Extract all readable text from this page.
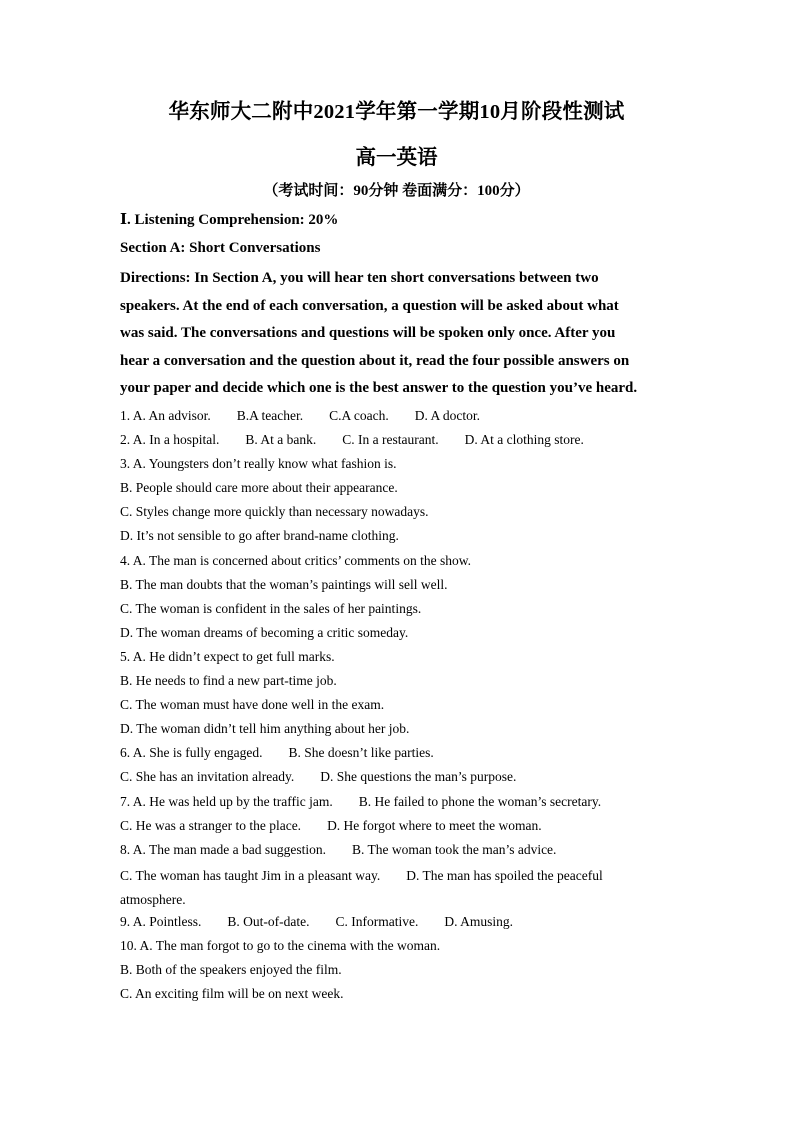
华东师大二附中2021学年第一学期10月阶段性测试
高一英语
（考试时间：90分钟 卷面满分：100分）
Ⅰ. Listening Comprehension: 20%
Section A: Short Conversations
Directions: In Section A, you will hear ten short conversations between two
speakers. At the end of each conversation, a question will be asked about what
was said. The conversations and questions will be spoken only once. After you
hear a conversation and the question about it, read the four possible answers on
your paper and decide which one is the best answer to the question you’ve heard.
1. A. An advisor. B.A teacher. C.A coach. D. A doctor.
2. A. In a hospital. B. At a bank. C. In a restaurant. D. At a clothing store.
3. A. Youngsters don’t really know what fashion is.
B. People should care more about their appearance.
C. Styles change more quickly than necessary nowadays.
D. It’s not sensible to go after brand-name clothing.
4. A. The man is concerned about critics’ comments on the show.
B. The man doubts that the woman’s paintings will sell well.
C. The woman is confident in the sales of her paintings.
D. The woman dreams of becoming a critic someday.
5. A. He didn’t expect to get full marks.
B. He needs to find a new part-time job.
C. The woman must have done well in the exam.
D. The woman didn’t tell him anything about her job.
6. A. She is fully engaged. B. She doesn’t like parties.
C. She has an invitation already. D. She questions the man’s purpose.
7. A. He was held up by the traffic jam. B. He failed to phone the woman’s secretary.
C. He was a stranger to the place. D. He forgot where to meet the woman.
8. A. The man made a bad suggestion. B. The woman took the man’s advice.
C. The woman has taught Jim in a pleasant way. D. The man has spoiled the peaceful atmosphere.
9. A. Pointless. B. Out-of-date. C. Informative. D. Amusing.
10. A. The man forgot to go to the cinema with the woman.
B. Both of the speakers enjoyed the film.
C. An exciting film will be on next week.
